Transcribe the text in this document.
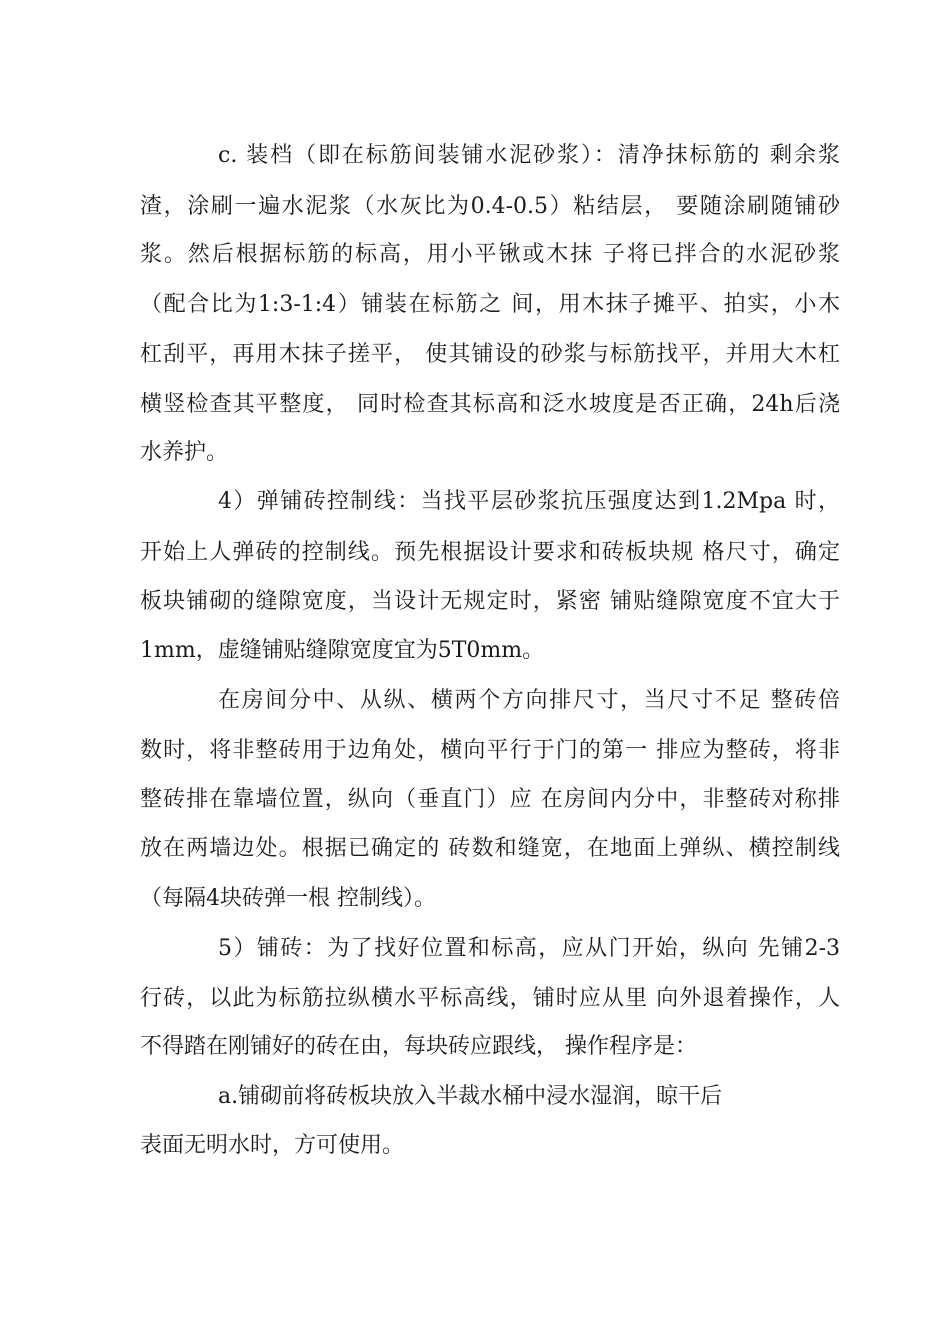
c. 装档（即在标筋间装铺水泥砂浆）：清净抹标筋的 剩余浆

渣，涂刷一遍水泥浆（水灰比为0.4-0.5）粘结层， 要随涂刷随铺砂

浆。然后根据标筋的标高，用小平锹或木抹 子将已拌合的水泥砂浆

（配合比为1:3-1:4）铺装在标筋之 间，用木抹子摊平、拍实，小木

杠刮平，再用木抹子搓平， 使其铺设的砂浆与标筋找平，并用大木杠

横竖检查其平整度， 同时检查其标高和泛水坡度是否正确，24h后浇

水养护。

4）弹铺砖控制线：当找平层砂浆抗压强度达到1.2Mpa 时，

开始上人弹砖的控制线。预先根据设计要求和砖板块规 格尺寸，确定

板块铺砌的缝隙宽度，当设计无规定时，紧密 铺贴缝隙宽度不宜大于

1mm，虚缝铺贴缝隙宽度宜为5T0mm。

在房间分中、从纵、横两个方向排尺寸，当尺寸不足 整砖倍

数时，将非整砖用于边角处，横向平行于门的第一 排应为整砖，将非

整砖排在靠墙位置，纵向（垂直门）应 在房间内分中，非整砖对称排

放在两墙边处。根据已确定的 砖数和缝宽，在地面上弹纵、横控制线

（每隔4块砖弹一根 控制线）。

5）铺砖：为了找好位置和标高，应从门开始，纵向 先铺2-3

行砖，以此为标筋拉纵横水平标高线，铺时应从里 向外退着操作，人

不得踏在刚铺好的砖在由，每块砖应跟线， 操作程序是：

a.铺砌前将砖板块放入半裁水桶中浸水湿润，晾干后

表面无明水时，方可使用。
